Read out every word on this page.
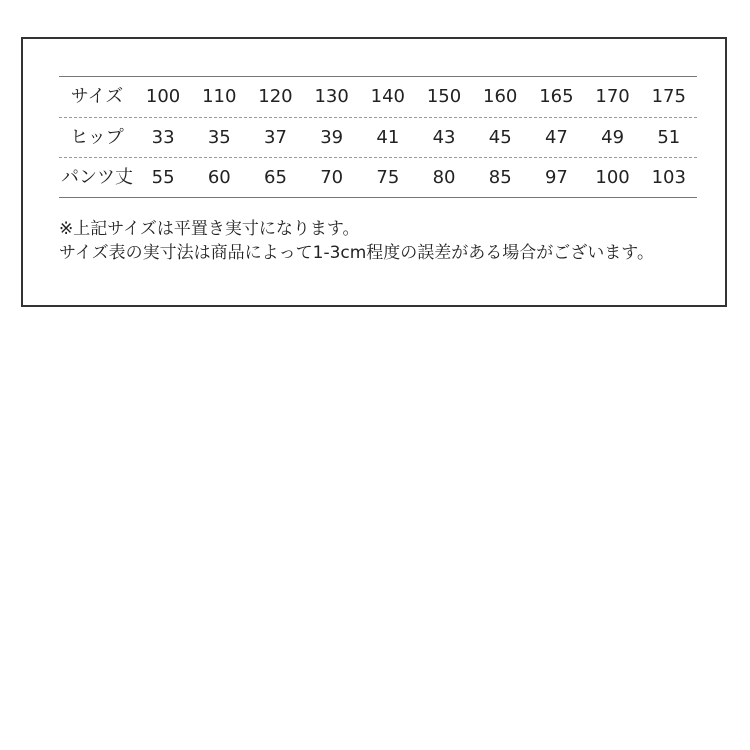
サイズ	100	110	120	130	140	150	160	165	170	175
ヒップ	33	35	37	39	41	43	45	47	49	51
パンツ丈	55	60	65	70	75	80	85	97	100	103
※上記サイズは平置き実寸になります。
サイズ表の実寸法は商品によって1-3cm程度の誤差がある場合がございます。
